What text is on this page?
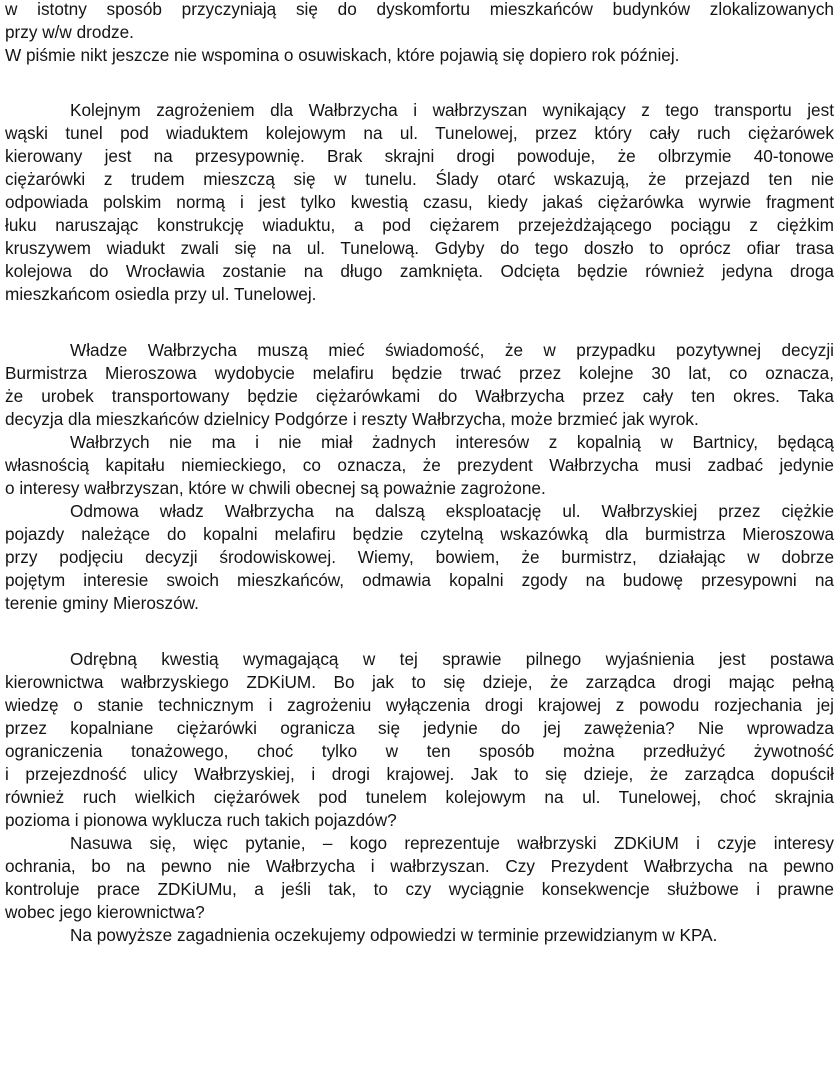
w istotny sposób przyczyniają się do dyskomfortu mieszkańców budynków zlokalizowanych
przy w/w drodze.
W piśmie nikt jeszcze nie wspomina o osuwiskach, które pojawią się dopiero rok później.
Kolejnym zagrożeniem dla Wałbrzycha i wałbrzyszan wynikający z tego transportu jest
wąski tunel pod wiaduktem kolejowym na ul. Tunelowej, przez który cały ruch ciężarówek
kierowany jest na przesypownię. Brak skrajni drogi powoduje, że olbrzymie 40-tonowe
ciężarówki z trudem mieszczą się w tunelu. Ślady otarć wskazują, że przejazd ten nie
odpowiada polskim normą i jest tylko kwestią czasu, kiedy jakaś ciężarówka wyrwie fragment
łuku naruszając konstrukcję wiaduktu, a pod ciężarem przejeżdżającego pociągu z ciężkim
kruszywem wiadukt zwali się na ul. Tunelową. Gdyby do tego doszło to oprócz ofiar trasa
kolejowa do Wrocławia zostanie na długo zamknięta. Odcięta będzie również jedyna droga
mieszkańcom osiedla przy ul. Tunelowej.
Władze Wałbrzycha muszą mieć świadomość, że w przypadku pozytywnej decyzji
Burmistrza Mieroszowa wydobycie melafiru będzie trwać przez kolejne 30 lat, co oznacza,
że urobek transportowany będzie ciężarówkami do Wałbrzycha przez cały ten okres. Taka
decyzja dla mieszkańców dzielnicy Podgórze i reszty Wałbrzycha, może brzmieć jak wyrok.
Wałbrzych nie ma i nie miał żadnych interesów z kopalnią w Bartnicy, będącą
własnością kapitału niemieckiego, co oznacza, że prezydent Wałbrzycha musi zadbać jedynie
o interesy wałbrzyszan, które w chwili obecnej są poważnie zagrożone.
Odmowa władz Wałbrzycha na dalszą eksploatację ul. Wałbrzyskiej przez ciężkie
pojazdy należące do kopalni melafiru będzie czytelną wskazówką dla burmistrza Mieroszowa
przy podjęciu decyzji środowiskowej. Wiemy, bowiem, że burmistrz, działając w dobrze
pojętym interesie swoich mieszkańców, odmawia kopalni zgody na budowę przesypowni na
terenie gminy Mieroszów.
Odrębną kwestią wymagającą w tej sprawie pilnego wyjaśnienia jest postawa
kierownictwa wałbrzyskiego ZDKiUM. Bo jak to się dzieje, że zarządca drogi mając pełną
wiedzę o stanie technicznym i zagrożeniu wyłączenia drogi krajowej z powodu rozjechania jej
przez kopalniane ciężarówki ogranicza się jedynie do jej zawężenia? Nie wprowadza
ograniczenia tonażowego, choć tylko w ten sposób można przedłużyć żywotność
i przejezdność ulicy Wałbrzyskiej, i drogi krajowej. Jak to się dzieje, że zarządca dopuścił
również ruch wielkich ciężarówek pod tunelem kolejowym na ul. Tunelowej, choć skrajnia
pozioma i pionowa wyklucza ruch takich pojazdów?
Nasuwa się, więc pytanie, – kogo reprezentuje wałbrzyski ZDKiUM i czyje interesy
ochrania, bo na pewno nie Wałbrzycha i wałbrzyszan. Czy Prezydent Wałbrzycha na pewno
kontroluje prace ZDKiUMu, a jeśli tak, to czy wyciągnie konsekwencje służbowe i prawne
wobec jego kierownictwa?
Na powyższe zagadnienia oczekujemy odpowiedzi w terminie przewidzianym w KPA.
